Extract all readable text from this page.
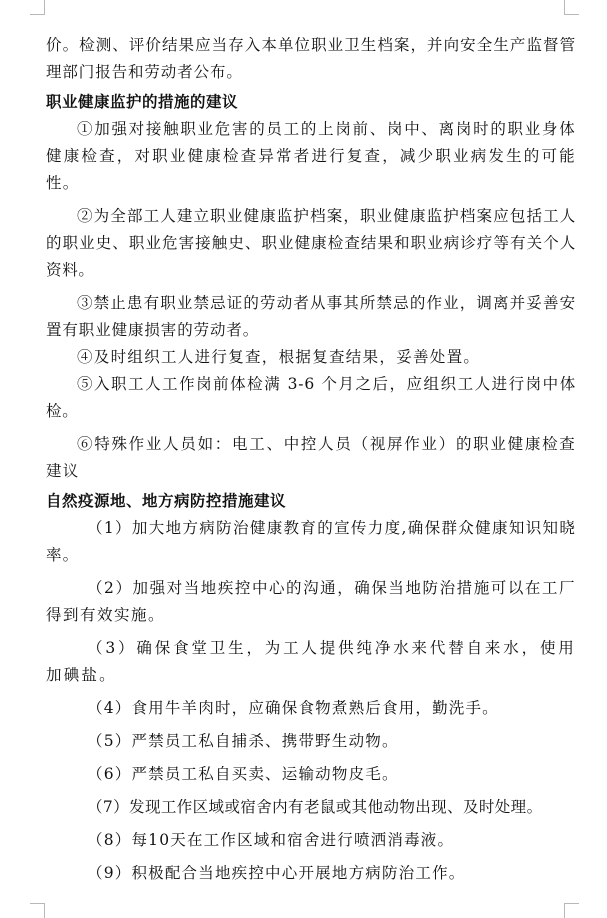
价。检测、评价结果应当存入本单位职业卫生档案，并向安全生产监督管理部门报告和劳动者公布。

职业健康监护的措施的建议

①加强对接触职业危害的员工的上岗前、岗中、离岗时的职业身体健康检查，对职业健康检查异常者进行复查，减少职业病发生的可能性。

②为全部工人建立职业健康监护档案，职业健康监护档案应包括工人的职业史、职业危害接触史、职业健康检查结果和职业病诊疗等有关个人资料。

③禁止患有职业禁忌证的劳动者从事其所禁忌的作业，调离并妥善安置有职业健康损害的劳动者。

④及时组织工人进行复查，根据复查结果，妥善处置。

⑤入职工人工作岗前体检满 3-6 个月之后，应组织工人进行岗中体检。

⑥特殊作业人员如：电工、中控人员（视屏作业）的职业健康检查建议

自然疫源地、地方病防控措施建议

（1）加大地方病防治健康教育的宣传力度,确保群众健康知识知晓率。

（2）加强对当地疾控中心的沟通，确保当地防治措施可以在工厂得到有效实施。

（3）确保食堂卫生，为工人提供纯净水来代替自来水，使用加碘盐。

（4）食用牛羊肉时，应确保食物煮熟后食用，勤洗手。

（5）严禁员工私自捕杀、携带野生动物。

（6）严禁员工私自买卖、运输动物皮毛。

（7）发现工作区域或宿舍内有老鼠或其他动物出现、及时处理。

（8）每10天在工作区域和宿舍进行喷洒消毒液。

（9）积极配合当地疾控中心开展地方病防治工作。
